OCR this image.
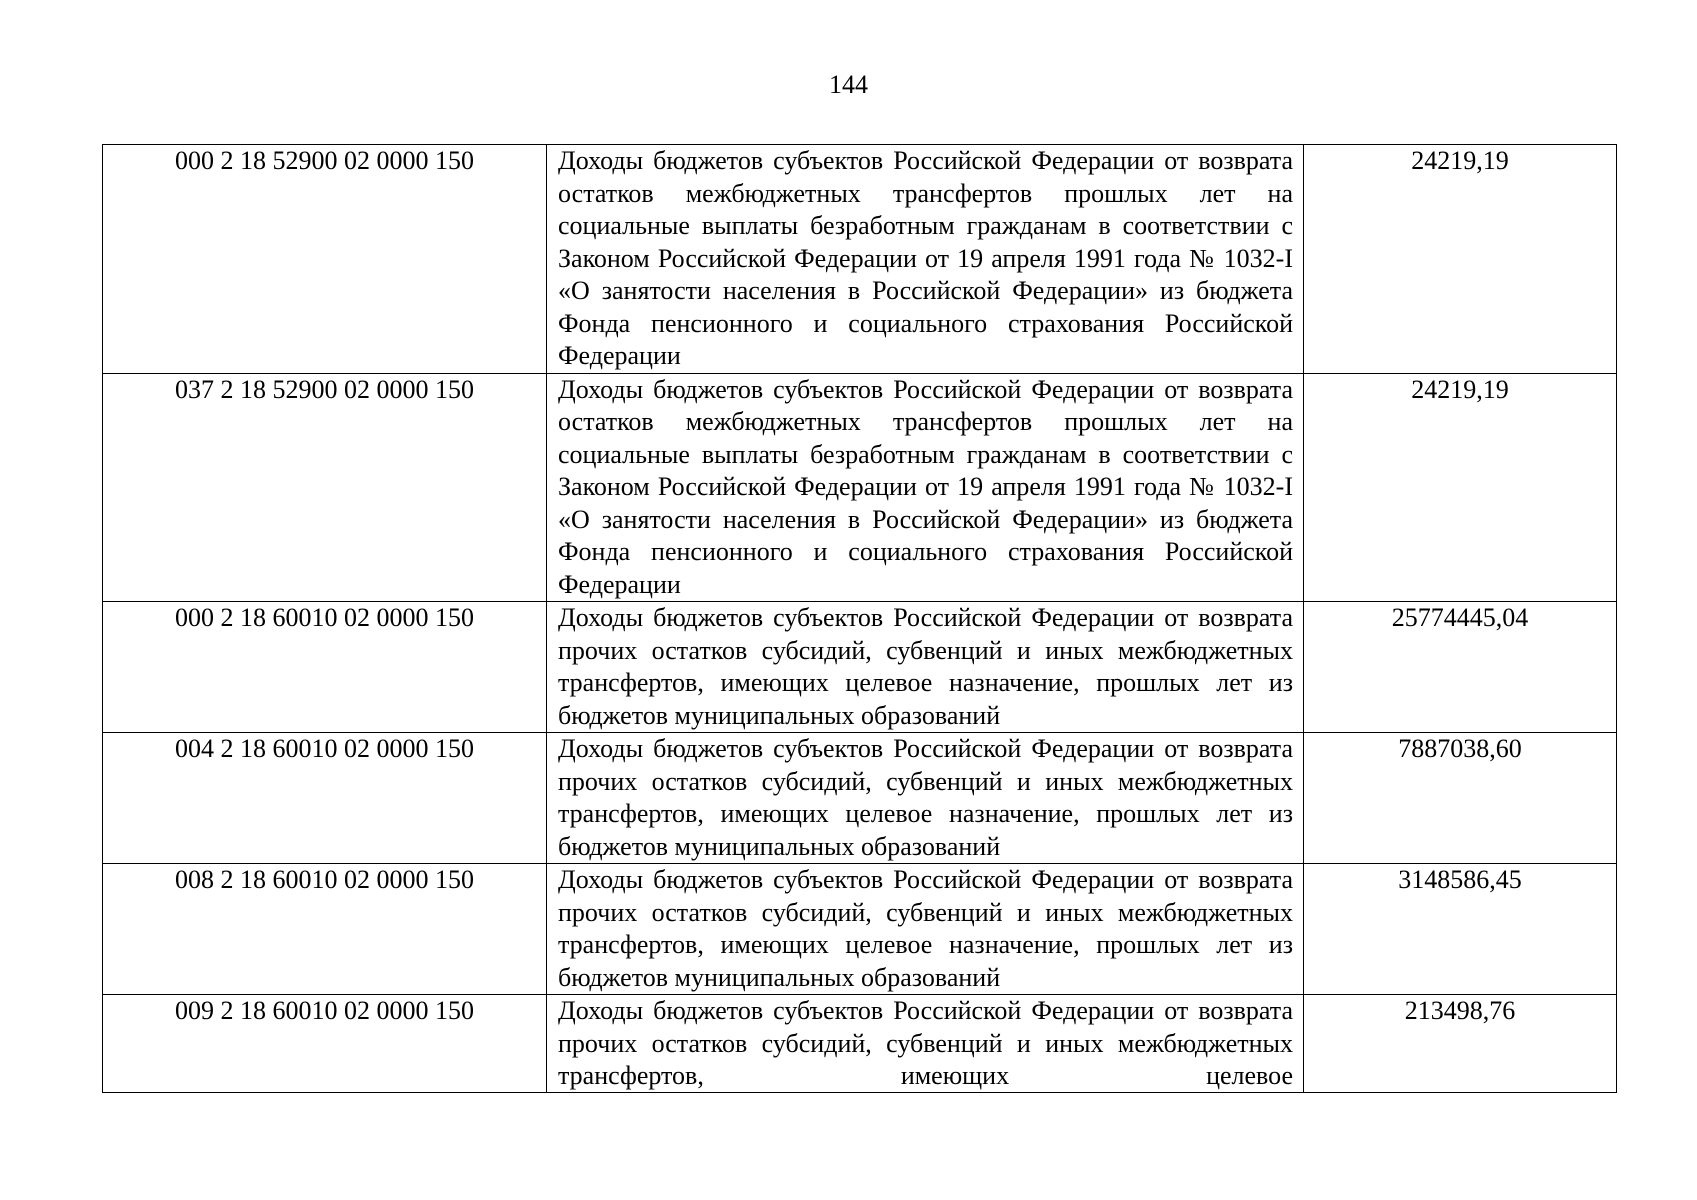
144
000 2 18 52900 02 0000 150	Доходы бюджетов субъектов Российской Федерации от возврата остатков межбюджетных трансфертов прошлых лет на социальные выплаты безработным гражданам в соответствии с Законом Российской Федерации от 19 апреля 1991 года № 1032-I «О занятости населения в Российской Федерации» из бюджета Фонда пенсионного и социального страхования Российской Федерации	24219,19
037 2 18 52900 02 0000 150	Доходы бюджетов субъектов Российской Федерации от возврата остатков межбюджетных трансфертов прошлых лет на социальные выплаты безработным гражданам в соответствии с Законом Российской Федерации от 19 апреля 1991 года № 1032-I «О занятости населения в Российской Федерации» из бюджета Фонда пенсионного и социального страхования Российской Федерации	24219,19
000 2 18 60010 02 0000 150	Доходы бюджетов субъектов Российской Федерации от возврата прочих остатков субсидий, субвенций и иных межбюджетных трансфертов, имеющих целевое назначение, прошлых лет из бюджетов муниципальных образований	25774445,04
004 2 18 60010 02 0000 150	Доходы бюджетов субъектов Российской Федерации от возврата прочих остатков субсидий, субвенций и иных межбюджетных трансфертов, имеющих целевое назначение, прошлых лет из бюджетов муниципальных образований	7887038,60
008 2 18 60010 02 0000 150	Доходы бюджетов субъектов Российской Федерации от возврата прочих остатков субсидий, субвенций и иных межбюджетных трансфертов, имеющих целевое назначение, прошлых лет из бюджетов муниципальных образований	3148586,45
009 2 18 60010 02 0000 150	Доходы бюджетов субъектов Российской Федерации от возврата прочих остатков субсидий, субвенций и иных межбюджетных трансфертов, имеющих целевое	213498,76
